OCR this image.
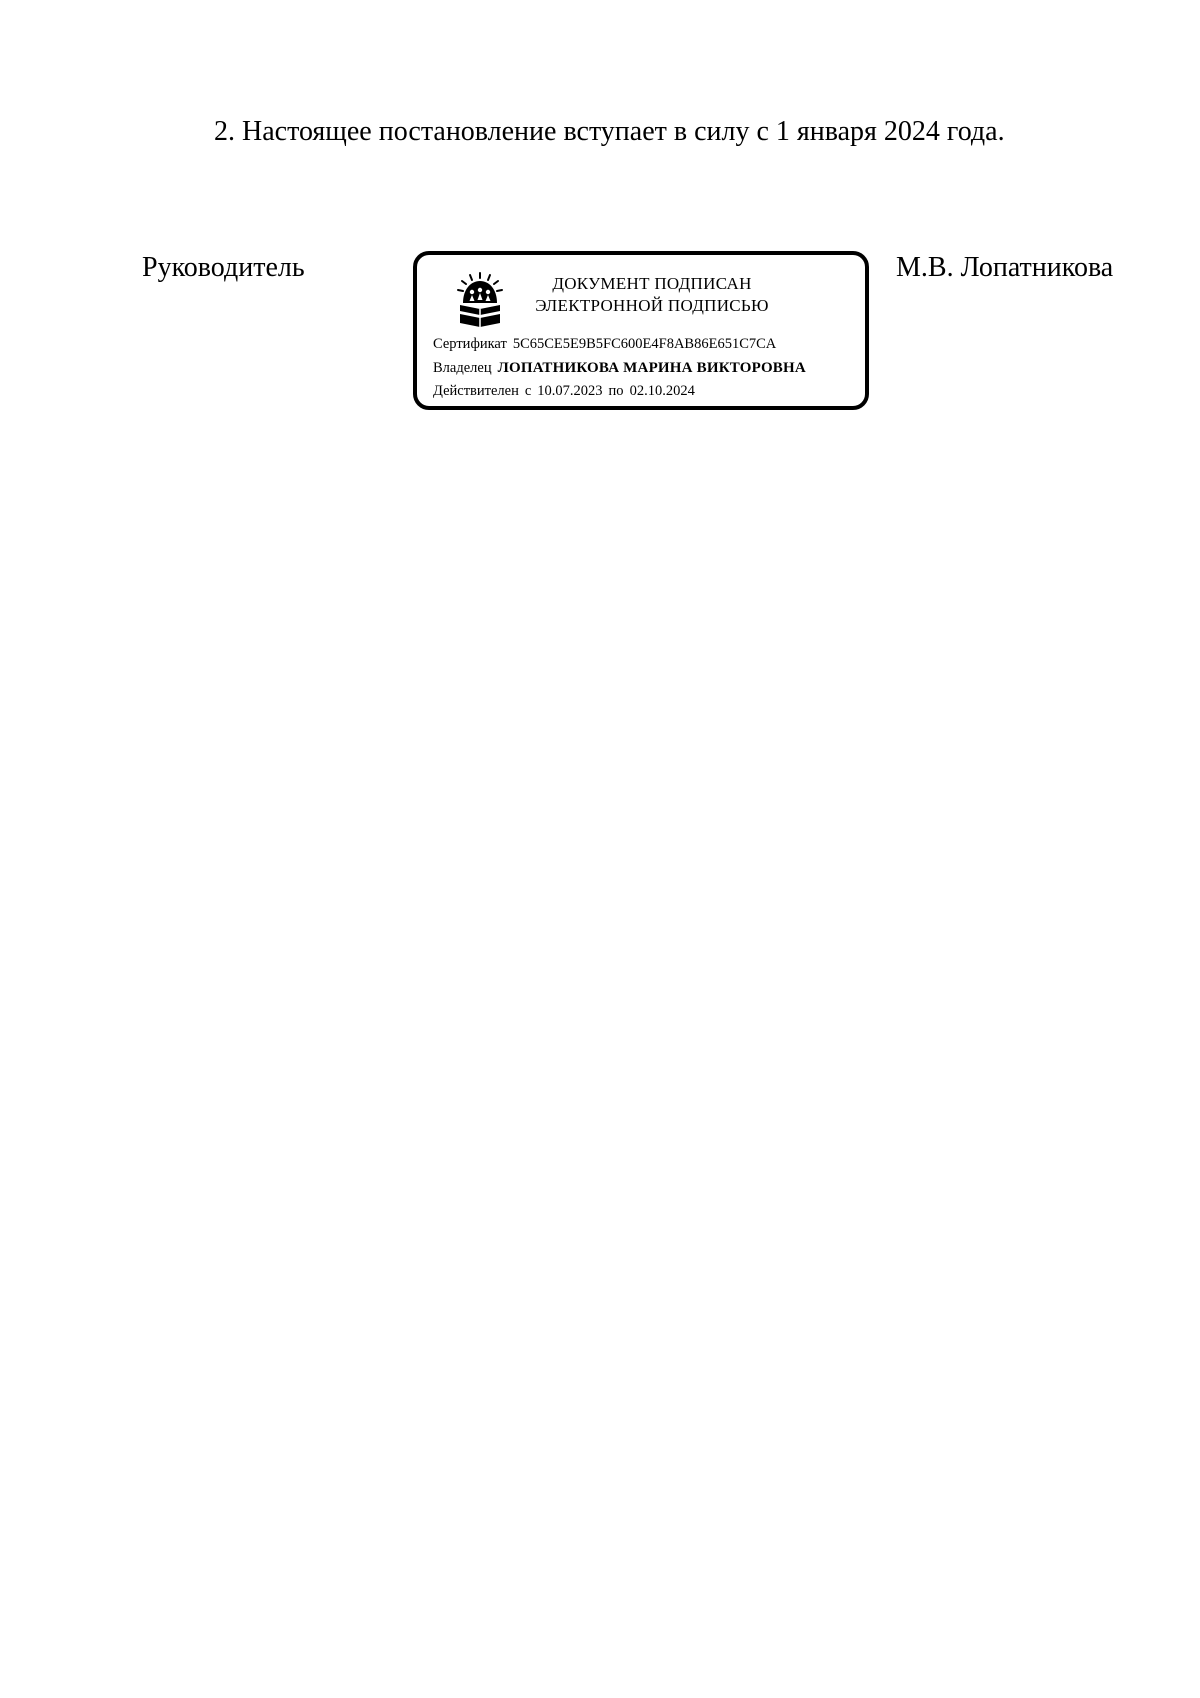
2. Настоящее постановление вступает в силу с 1 января 2024 года.
Руководитель
ДОКУМЕНТ ПОДПИСАН
ЭЛЕКТРОННОЙ ПОДПИСЬЮ
Сертификат 5C65CE5E9B5FC600E4F8AB86E651C7CA
Владелец ЛОПАТНИКОВА МАРИНА ВИКТОРОВНА
Действителен с 10.07.2023 по 02.10.2024
М.В. Лопатникова
